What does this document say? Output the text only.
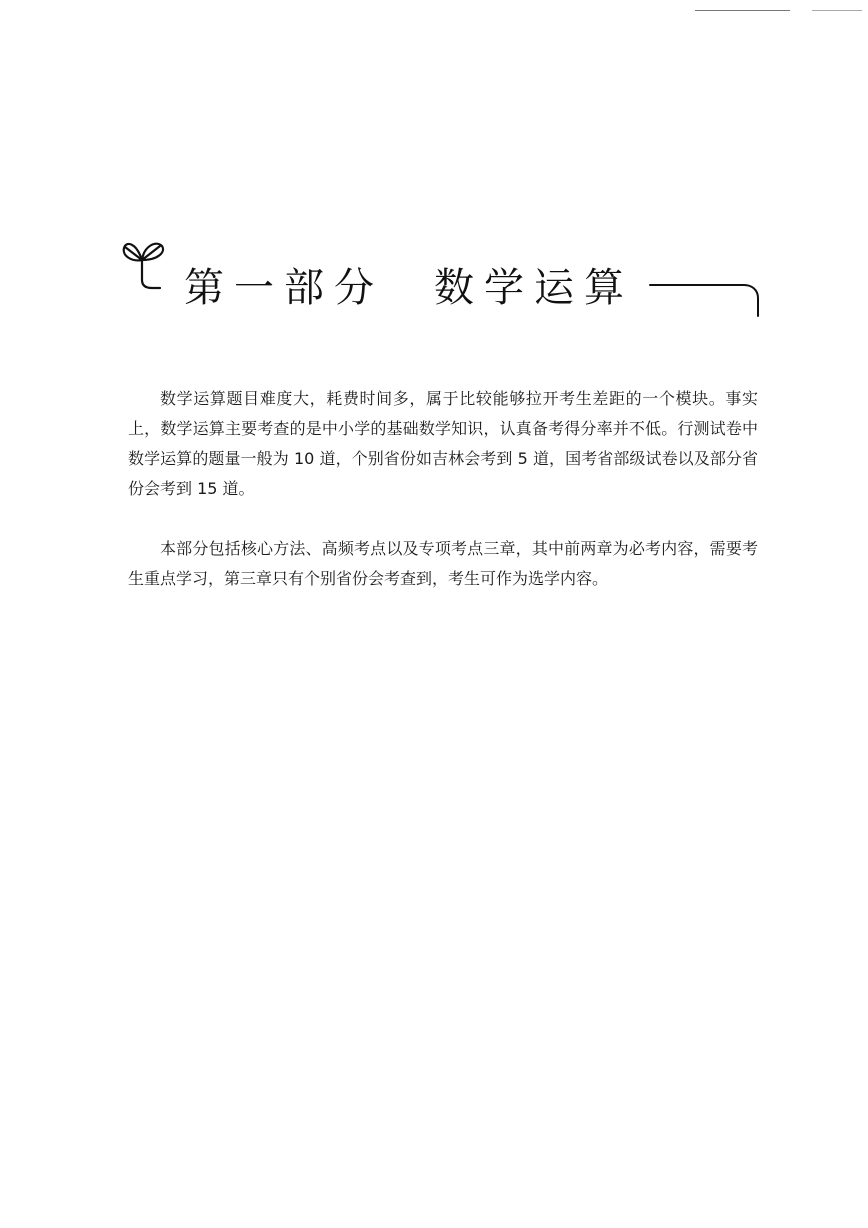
第一部分　数学运算

数学运算题目难度大，耗费时间多，属于比较能够拉开考生差距的一个模块。事实上，数学运算主要考查的是中小学的基础数学知识，认真备考得分率并不低。行测试卷中数学运算的题量一般为 10 道，个别省份如吉林会考到 5 道，国考省部级试卷以及部分省份会考到 15 道。

本部分包括核心方法、高频考点以及专项考点三章，其中前两章为必考内容，需要考生重点学习，第三章只有个别省份会考查到，考生可作为选学内容。
